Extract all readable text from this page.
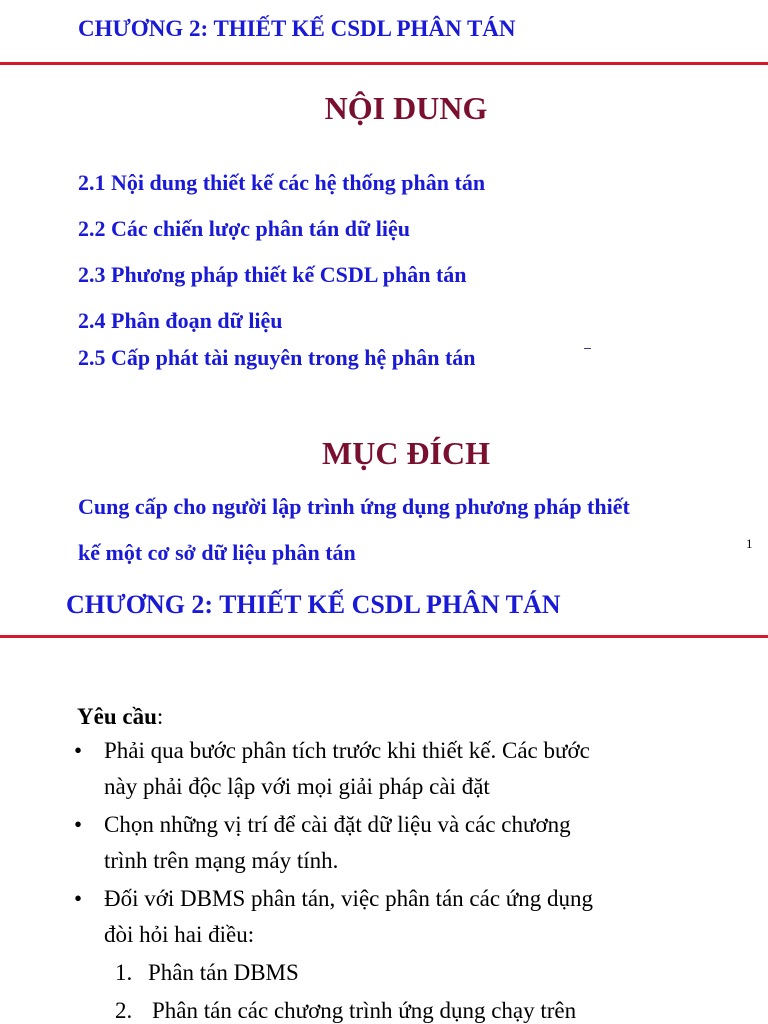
CHƯƠNG 2: THIẾT KẾ CSDL PHÂN TÁN
NỘI DUNG
2.1 Nội dung thiết kế các hệ thống phân tán
2.2 Các chiến lược phân tán dữ liệu
2.3 Phương pháp thiết kế CSDL phân tán
2.4 Phân đoạn dữ liệu
2.5 Cấp phát tài nguyên trong hệ phân tán
MỤC ĐÍCH
Cung cấp cho người lập trình ứng dụng phương pháp thiết
kế một cơ sở dữ liệu phân tán	1
CHƯƠNG 2: THIẾT KẾ CSDL PHÂN TÁN
Yêu cầu:
• Phải qua bước phân tích trước khi thiết kế. Các bước
này phải độc lập với mọi giải pháp cài đặt
• Chọn những vị trí để cài đặt dữ liệu và các chương
trình trên mạng máy tính.
• Đối với DBMS phân tán, việc phân tán các ứng dụng
đòi hỏi hai điều:
1. Phân tán DBMS
2. Phân tán các chương trình ứng dụng chạy trên
